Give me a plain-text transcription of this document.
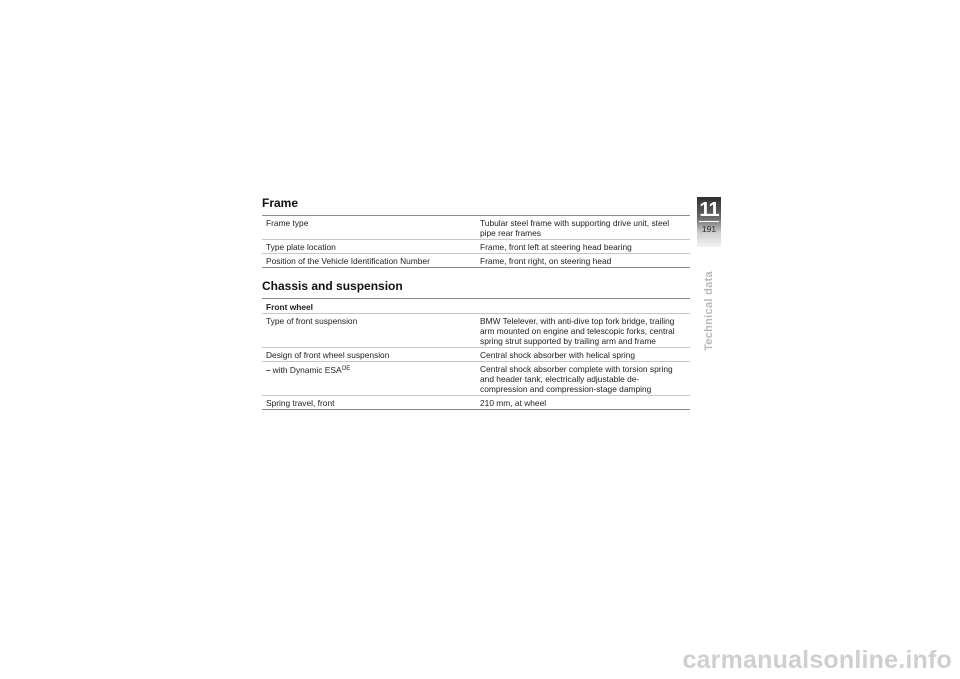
Frame
Frame type	Tubular steel frame with supporting drive unit, steel pipe rear frames
Type plate location	Frame, front left at steering head bearing
Position of the Vehicle Identification Number	Frame, front right, on steering head
Chassis and suspension
Front wheel	
Type of front suspension	BMW Telelever, with anti-dive top fork bridge, trailing arm mounted on engine and telescopic forks, central spring strut supported by trailing arm and frame
Design of front wheel suspension	Central shock absorber with helical spring
– with Dynamic $ESA^{OE}$	Central shock absorber complete with torsion spring and header tank, electrically adjustable de-compression and compression-stage damping
Spring travel, front	210 mm, at wheel
11
191
Technical data
carmanualsonline.info
